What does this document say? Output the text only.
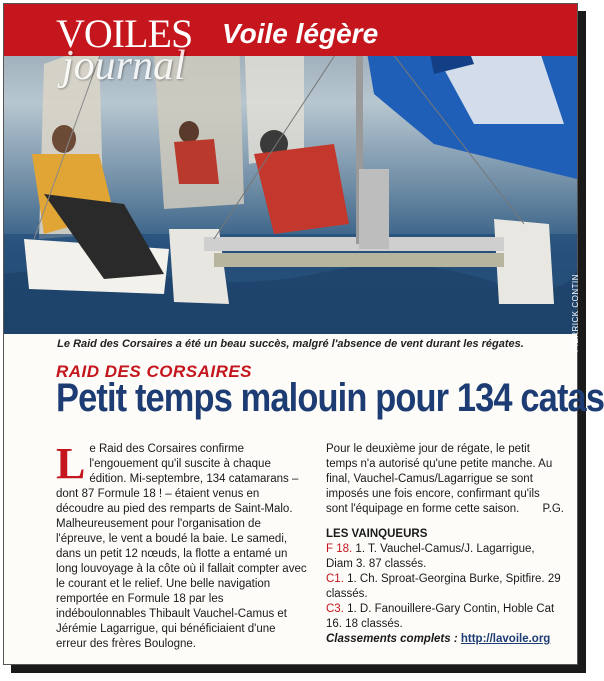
VOILES
journal
Voile légère
PIERRICK CONTIN
Le Raid des Corsaires a été un beau succès, malgré l'absence de vent durant les régates.
RAID DES CORSAIRES
Petit temps malouin pour 134 catas
Le Raid des Corsaires confirme l'engouement qu'il suscite à chaque édition. Mi-septembre, 134 catamarans – dont 87 Formule 18 ! – étaient venus en découdre au pied des remparts de Saint-Malo. Malheureusement pour l'organisation de l'épreuve, le vent a boudé la baie. Le samedi, dans un petit 12 nœuds, la flotte a entamé un long louvoyage à la côte où il fallait compter avec le courant et le relief. Une belle navigation remportée en Formule 18 par les indéboulonnables Thibault Vauchel-Camus et Jérémie Lagarrigue, qui bénéficiaient d'une erreur des frères Boulogne.
Pour le deuxième jour de régate, le petit temps n'a autorisé qu'une petite manche. Au final, Vauchel-Camus/Lagarrigue se sont imposés une fois encore, confirmant qu'ils sont l'équipage en forme cette saison. P.G.
LES VAINQUEURS
F 18. 1. T. Vauchel-Camus/J. Lagarrigue, Diam 3. 87 classés.
C1. 1. Ch. Sproat-Georgina Burke, Spitfire. 29 classés.
C3. 1. D. Fanouillere-Gary Contin, Hoble Cat 16. 18 classés.
Classements complets : http://lavoile.org
